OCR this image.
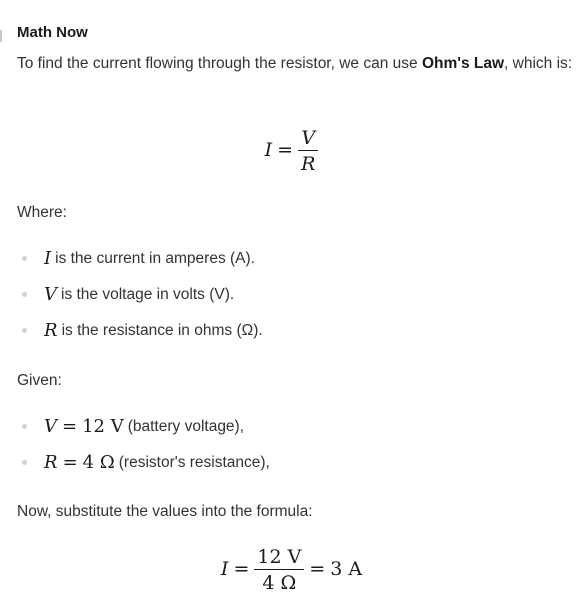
Math Now
To find the current flowing through the resistor, we can use Ohm's Law, which is:
$I = \frac{V}{R}$
Where:
I is the current in amperes (A).
V is the voltage in volts (V).
R is the resistance in ohms (Ω).
Given:
V = 12 V (battery voltage),
R = 4 Ω (resistor's resistance),
Now, substitute the values into the formula:
$I = \frac{12 V}{4 \Omega} = 3$ A
